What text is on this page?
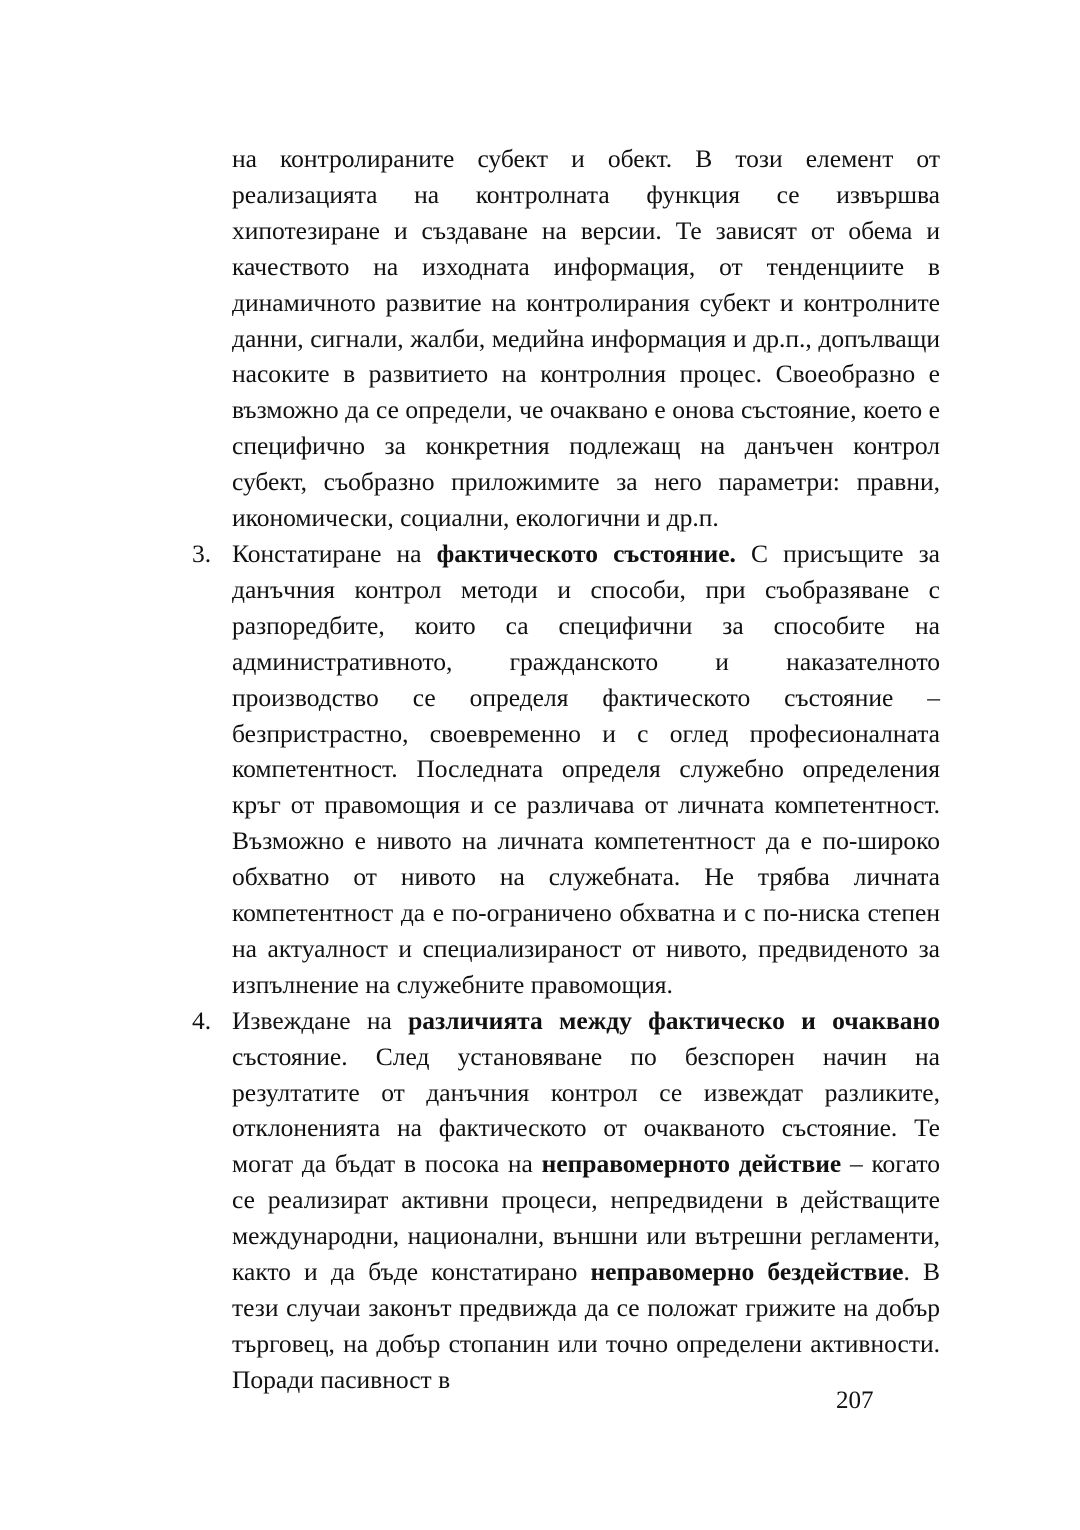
на контролираните субект и обект. В този елемент от реализацията на контролната функция се извършва хипотезиране и създаване на версии. Те зависят от обема и качеството на изходната информация, от тенденциите в динамичното развитие на контролирания субект и контролните данни, сигнали, жалби, медийна информация и др.п., допълващи насоките в развитието на контролния процес. Своеобразно е възможно да се определи, че очаквано е онова състояние, което е специфично за конкретния подлежащ на данъчен контрол субект, съобразно приложимите за него параметри: правни, икономически, социални, екологични и др.п.

3. Констатиране на фактическото състояние. С присъщите за данъчния контрол методи и способи, при съобразяване с разпоредбите, които са специфични за способите на административното, гражданското и наказателното производство се определя фактическото състояние – безпристрастно, своевременно и с оглед професионалната компетентност. Последната определя служебно определения кръг от правомощия и се различава от личната компетентност. Възможно е нивото на личната компетентност да е по-широко обхватно от нивото на служебната. Не трябва личната компетентност да е по-ограничено обхватна и с по-ниска степен на актуалност и специализираност от нивото, предвиденото за изпълнение на служебните правомощия.

4. Извеждане на различията между фактическо и очаквано състояние. След установяване по безспорен начин на резултатите от данъчния контрол се извеждат разликите, отклоненията на фактическото от очакваното състояние. Те могат да бъдат в посока на неправомерното действие – когато се реализират активни процеси, непредвидени в действащите международни, национални, външни или вътрешни регламенти, както и да бъде констатирано неправомерно бездействие. В тези случаи законът предвижда да се положат грижите на добър търговец, на добър стопанин или точно определени активности. Поради пасивност в

207
